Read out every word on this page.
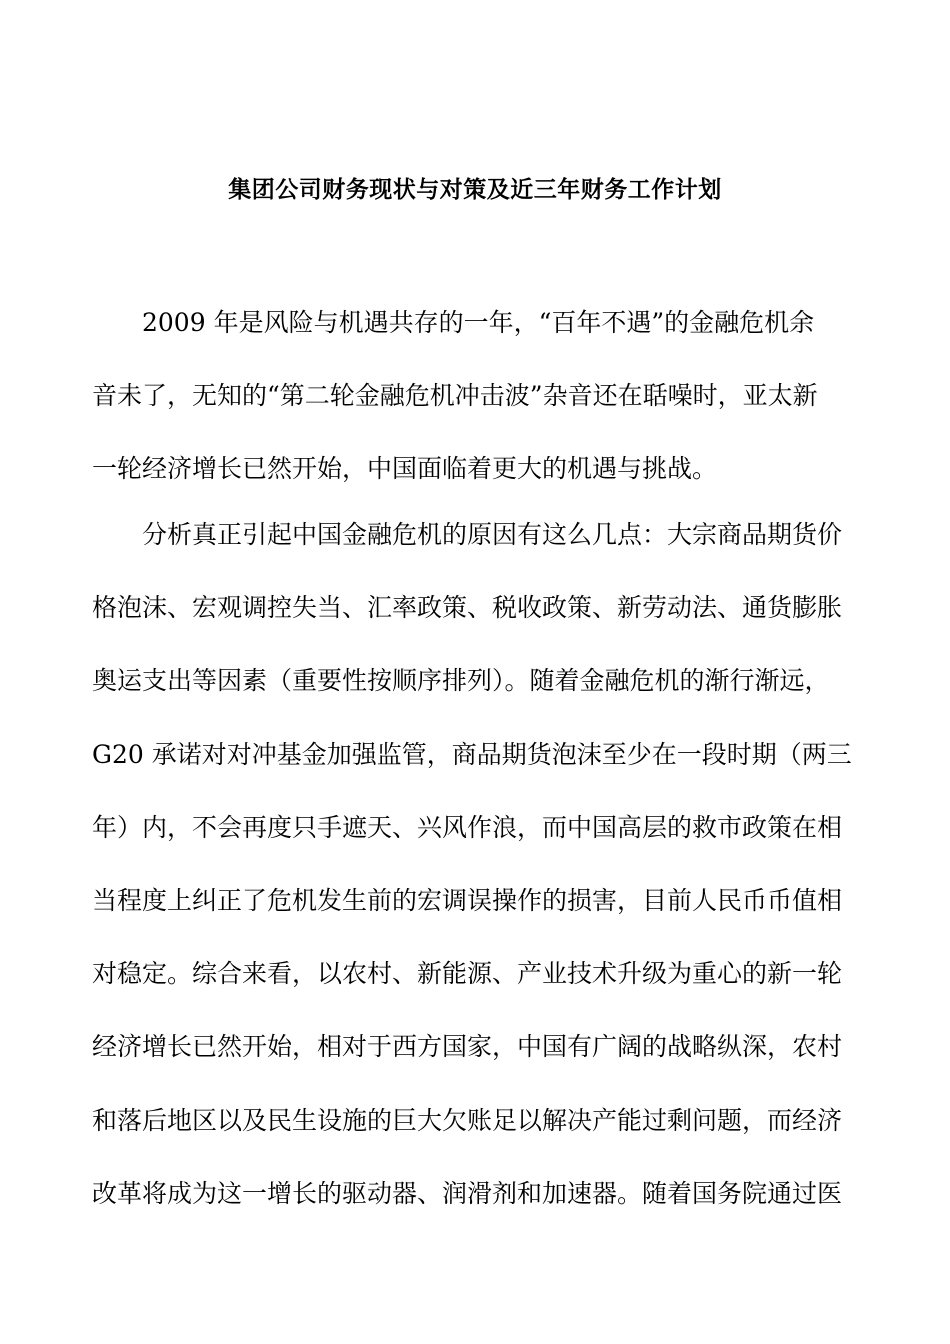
集团公司财务现状与对策及近三年财务工作计划
2009 年是风险与机遇共存的一年，“百年不遇”的金融危机余
音未了，无知的“第二轮金融危机冲击波”杂音还在聒噪时，亚太新
一轮经济增长已然开始，中国面临着更大的机遇与挑战。
分析真正引起中国金融危机的原因有这么几点：大宗商品期货价
格泡沫、宏观调控失当、汇率政策、税收政策、新劳动法、通货膨胀
奥运支出等因素（重要性按顺序排列）。随着金融危机的渐行渐远，
G20 承诺对对冲基金加强监管，商品期货泡沫至少在一段时期（两三
年）内，不会再度只手遮天、兴风作浪，而中国高层的救市政策在相
当程度上纠正了危机发生前的宏调误操作的损害，目前人民币币值相
对稳定。综合来看，以农村、新能源、产业技术升级为重心的新一轮
经济增长已然开始，相对于西方国家，中国有广阔的战略纵深，农村
和落后地区以及民生设施的巨大欠账足以解决产能过剩问题，而经济
改革将成为这一增长的驱动器、润滑剂和加速器。随着国务院通过医
